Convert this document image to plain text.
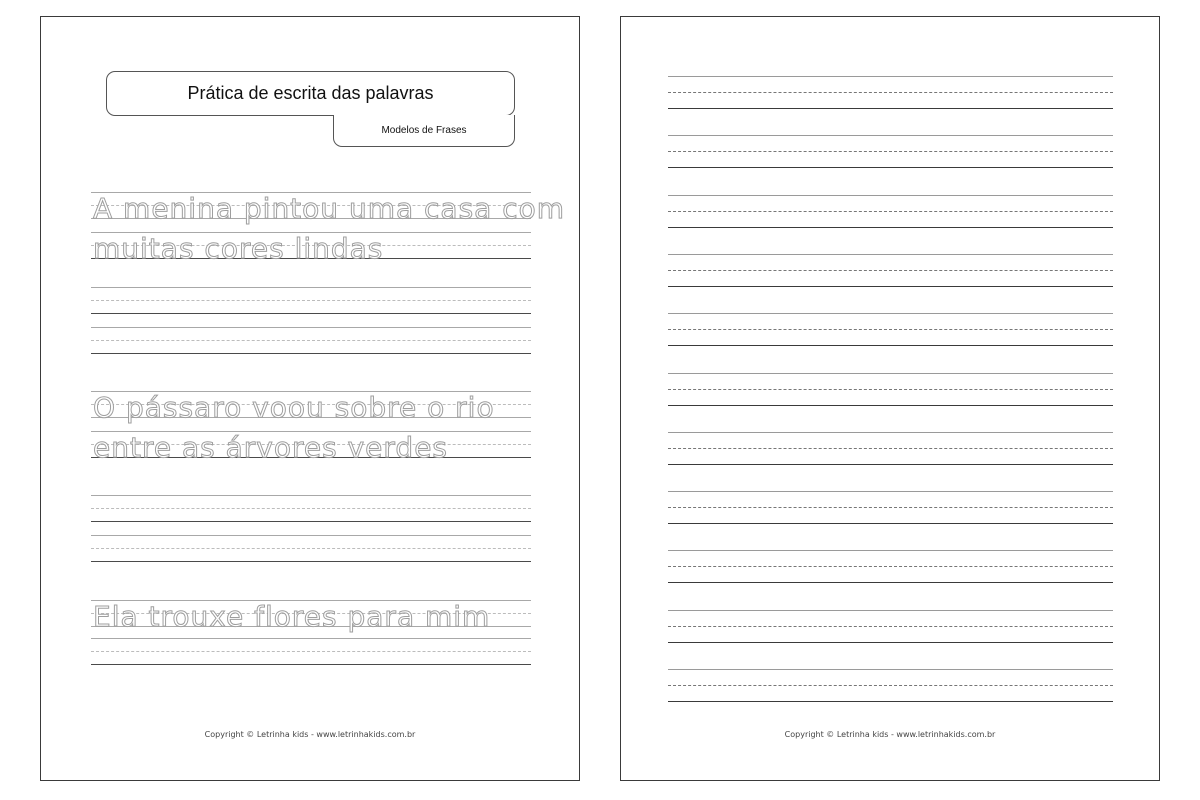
Prática de escrita das palavras
Modelos de Frases
A menina pintou uma casa com
muitas cores lindas
O pássaro voou sobre o rio
entre as árvores verdes
Ela trouxe flores para mim
Copyright © Letrinha kids - www.letrinhakids.com.br	Copyright © Letrinha kids - www.letrinhakids.com.br
